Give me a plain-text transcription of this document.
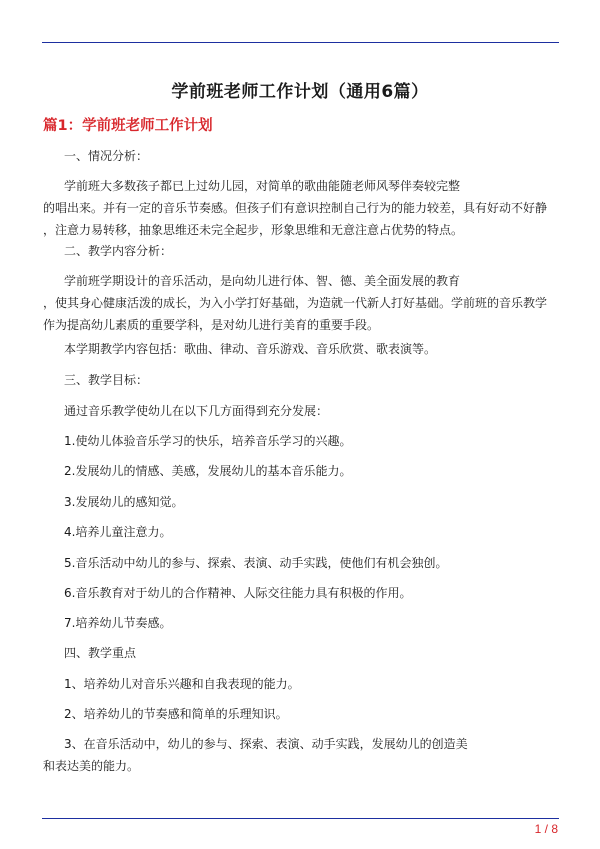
学前班老师工作计划（通用6篇）
篇1：学前班老师工作计划
一、情况分析：
学前班大多数孩子都已上过幼儿园，对简单的歌曲能随老师风琴伴奏较完整
的唱出来。并有一定的音乐节奏感。但孩子们有意识控制自己行为的能力较差，具有好动不好静
，注意力易转移，抽象思维还未完全起步，形象思维和无意注意占优势的特点。
二、教学内容分析：
学前班学期设计的音乐活动，是向幼儿进行体、智、德、美全面发展的教育
，使其身心健康活泼的成长，为入小学打好基础，为造就一代新人打好基础。学前班的音乐教学
作为提高幼儿素质的重要学科，是对幼儿进行美育的重要手段。
本学期教学内容包括：歌曲、律动、音乐游戏、音乐欣赏、歌表演等。
三、教学目标：
通过音乐教学使幼儿在以下几方面得到充分发展：
1.使幼儿体验音乐学习的快乐，培养音乐学习的兴趣。
2.发展幼儿的情感、美感，发展幼儿的基本音乐能力。
3.发展幼儿的感知觉。
4.培养儿童注意力。
5.音乐活动中幼儿的参与、探索、表演、动手实践，使他们有机会独创。
6.音乐教育对于幼儿的合作精神、人际交往能力具有积极的作用。
7.培养幼儿节奏感。
四、教学重点
1、培养幼儿对音乐兴趣和自我表现的能力。
2、培养幼儿的节奏感和简单的乐理知识。
3、在音乐活动中，幼儿的参与、探索、表演、动手实践，发展幼儿的创造美
和表达美的能力。
1 / 8
